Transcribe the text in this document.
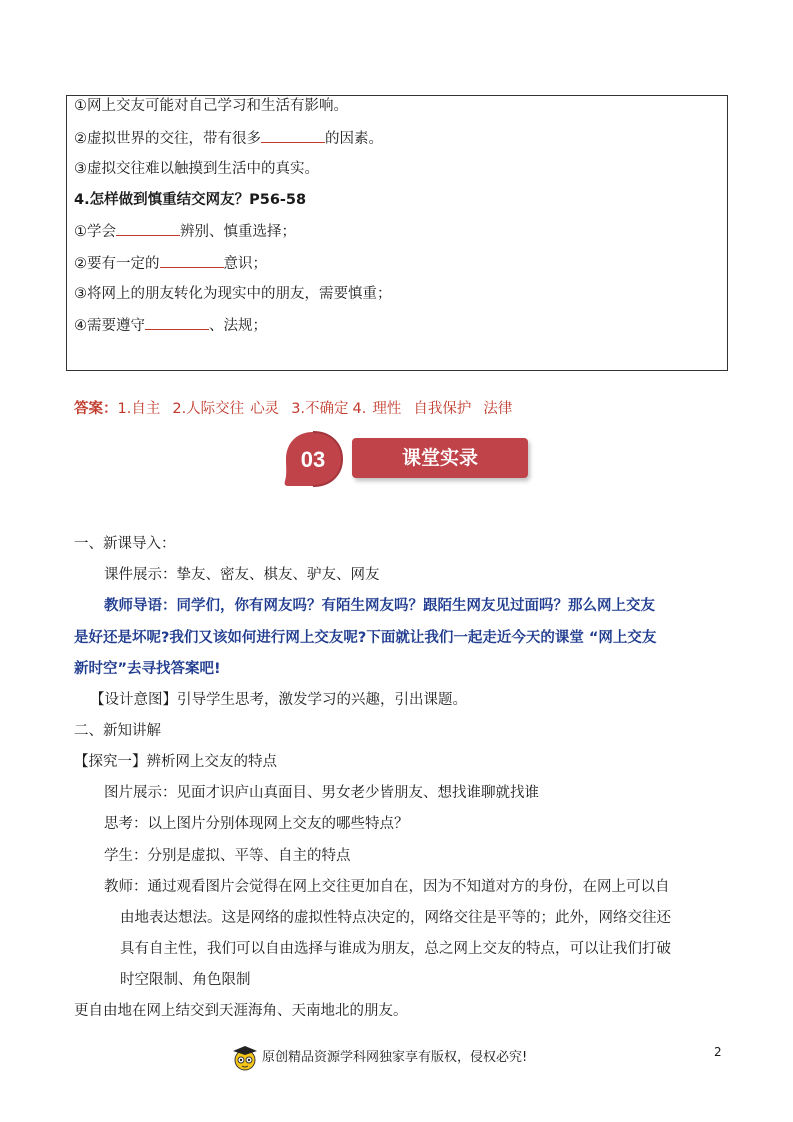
①网上交友可能对自己学习和生活有影响。
②虚拟世界的交往，带有很多	的因素。
③虚拟交往难以触摸到生活中的真实。
4.怎样做到慎重结交网友？P56-58
①学会	辨别、慎重选择；
②要有一定的	意识；
③将网上的朋友转化为现实中的朋友，需要慎重；
④需要遵守	、法规；
答案：1.自主 2.人际交往 心灵 3.不确定 4. 理性 自我保护 法律
03	课堂实录
一、新课导入：
课件展示：挚友、密友、棋友、驴友、网友
教师导语：同学们，你有网友吗？有陌生网友吗？跟陌生网友见过面吗？那么网上交友
是好还是坏呢?我们又该如何进行网上交友呢?下面就让我们一起走近今天的课堂 “网上交友
新时空”去寻找答案吧!
【设计意图】引导学生思考，激发学习的兴趣，引出课题。
二、新知讲解
【探究一】辨析网上交友的特点
图片展示：见面才识庐山真面目、男女老少皆朋友、想找谁聊就找谁
思考：以上图片分别体现网上交友的哪些特点？
学生：分别是虚拟、平等、自主的特点
教师：通过观看图片会觉得在网上交往更加自在，因为不知道对方的身份，在网上可以自
由地表达想法。这是网络的虚拟性特点决定的，网络交往是平等的；此外，网络交往还
具有自主性，我们可以自由选择与谁成为朋友，总之网上交友的特点，可以让我们打破
时空限制、角色限制
更自由地在网上结交到天涯海角、天南地北的朋友。
2
原创精品资源学科网独家享有版权，侵权必究!
